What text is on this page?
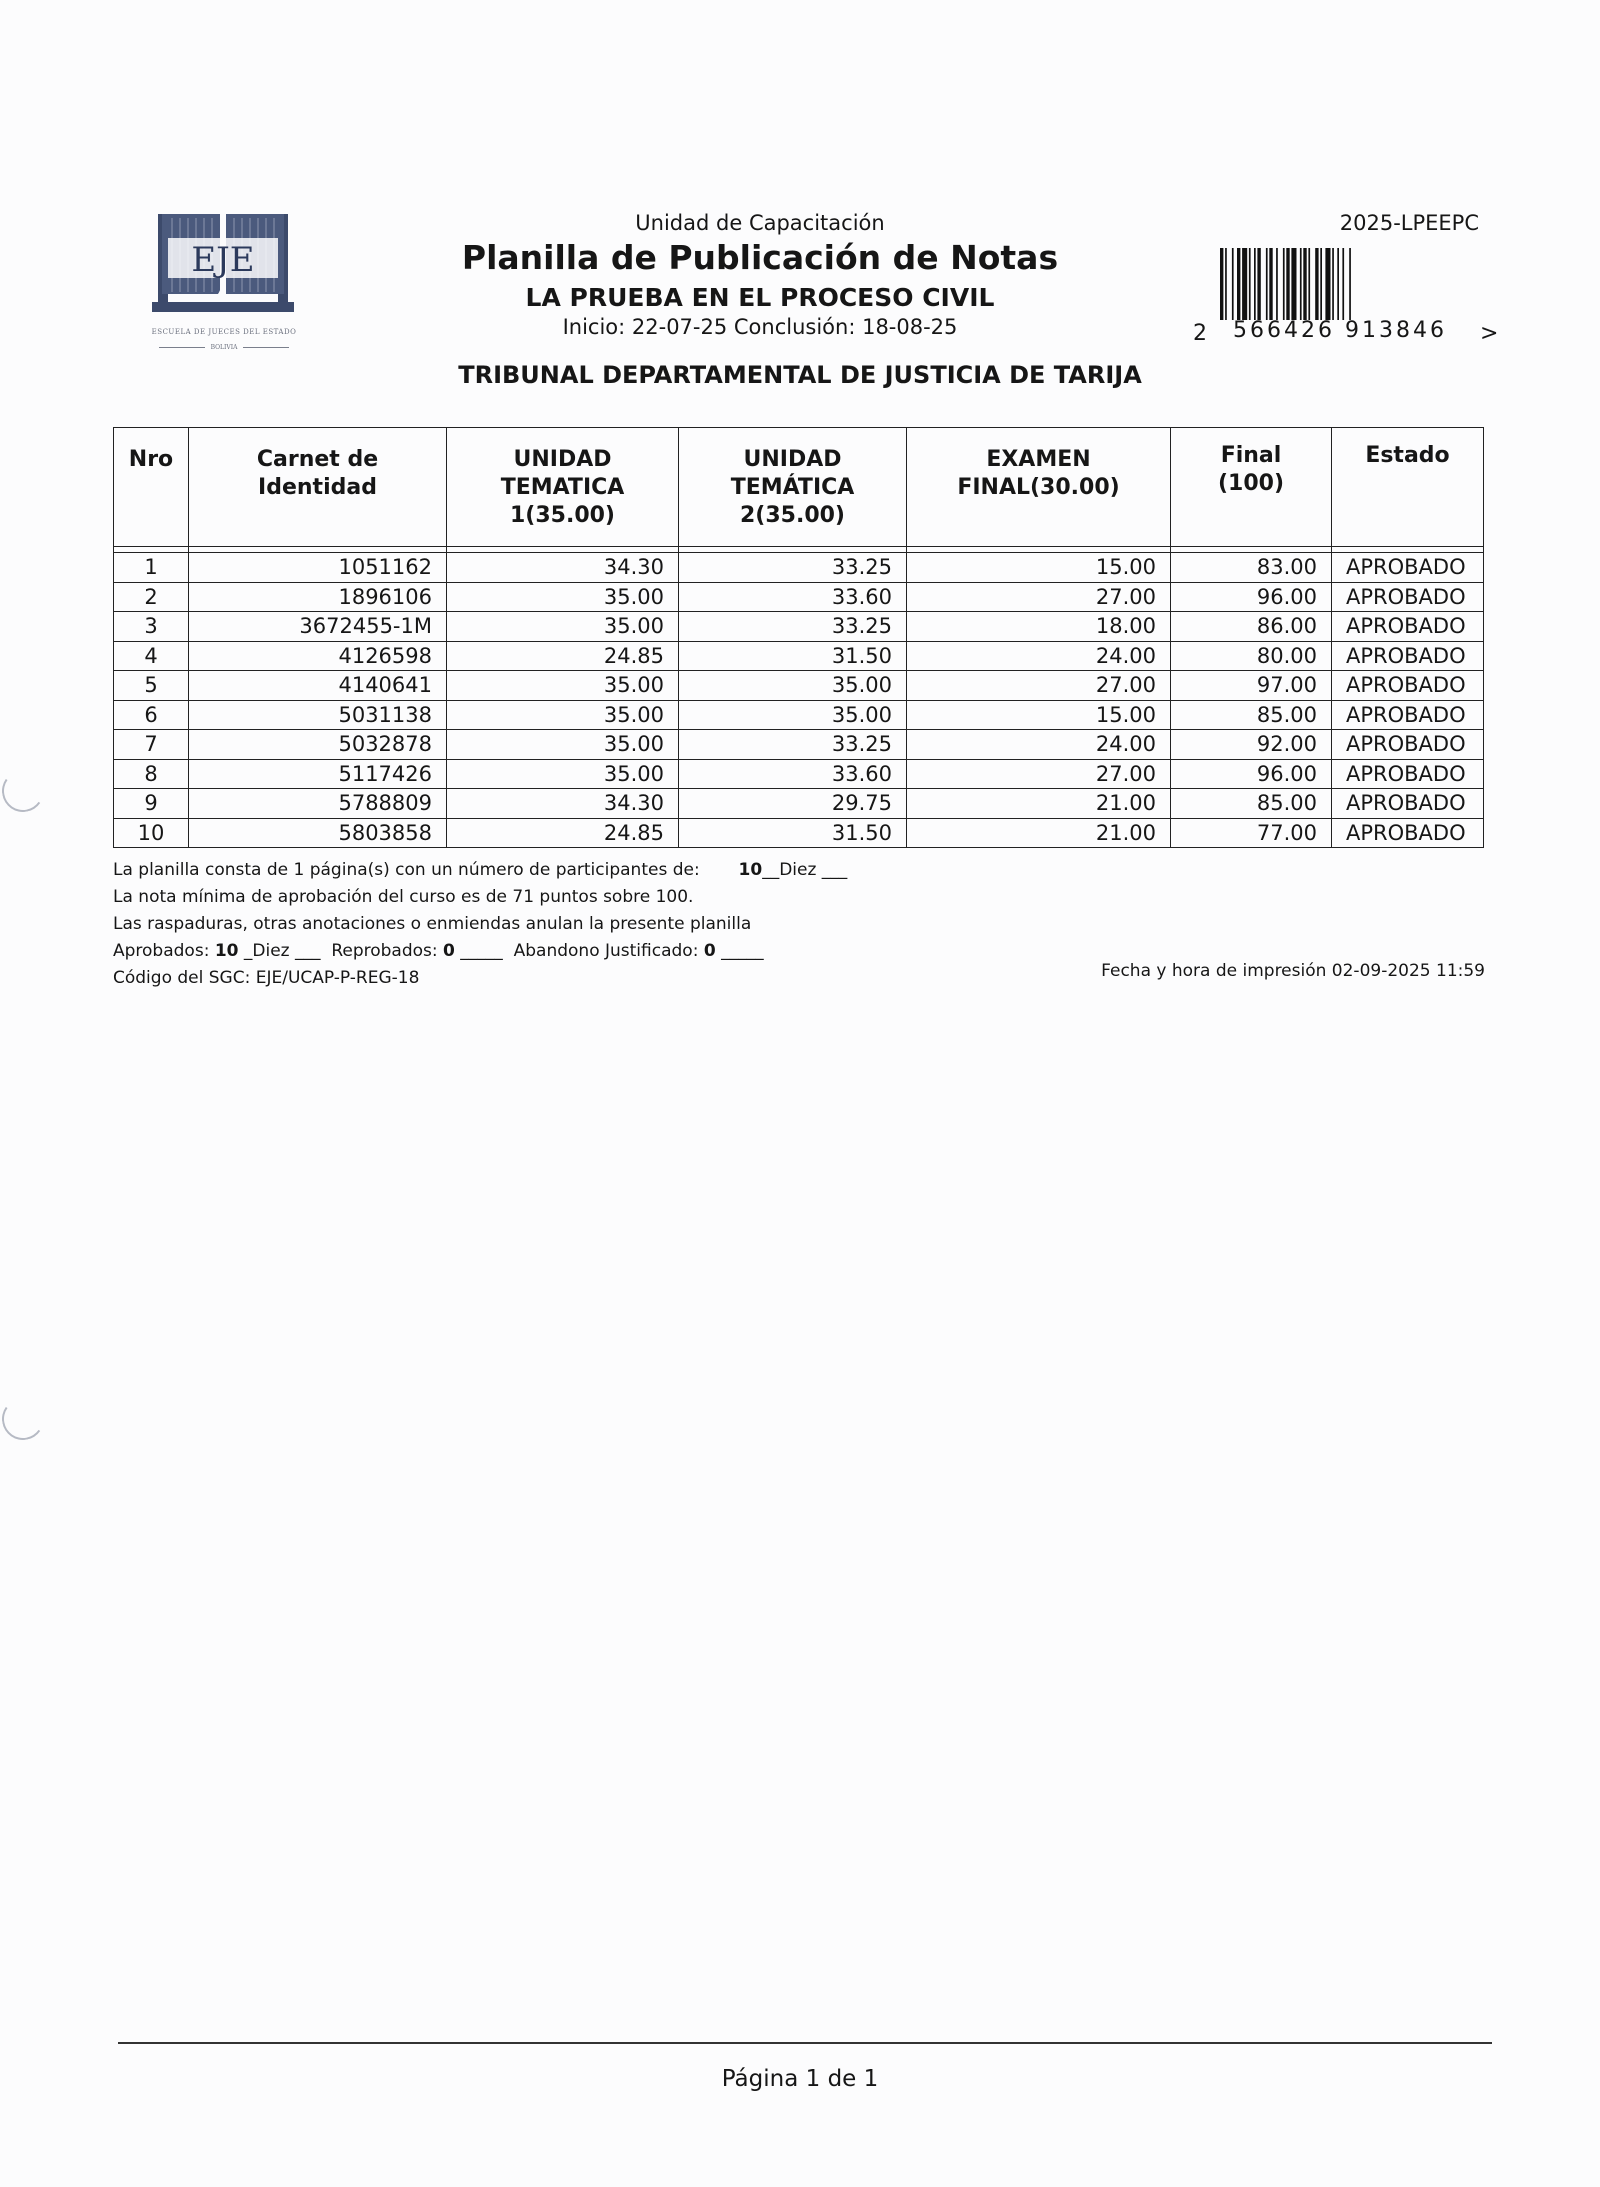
EJE
ESCUELA DE JUECES DEL ESTADO
BOLIVIA
Unidad de Capacitación
Planilla de Publicación de Notas
LA PRUEBA EN EL PROCESO CIVIL
Inicio: 22-07-25 Conclusión: 18-08-25
TRIBUNAL DEPARTAMENTAL DE JUSTICIA DE TARIJA
2025-LPEEPC
2 566426 913846 >
Nro	Carnet de Identidad	UNIDAD TEMATICA 1(35.00)	UNIDAD TEMÁTICA 2(35.00)	EXAMEN FINAL(30.00)	Final (100)	Estado

1	1051162	34.30	33.25	15.00	83.00	APROBADO
2	1896106	35.00	33.60	27.00	96.00	APROBADO
3	3672455-1M	35.00	33.25	18.00	86.00	APROBADO
4	4126598	24.85	31.50	24.00	80.00	APROBADO
5	4140641	35.00	35.00	27.00	97.00	APROBADO
6	5031138	35.00	35.00	15.00	85.00	APROBADO
7	5032878	35.00	33.25	24.00	92.00	APROBADO
8	5117426	35.00	33.60	27.00	96.00	APROBADO
9	5788809	34.30	29.75	21.00	85.00	APROBADO
10	5803858	24.85	31.50	21.00	77.00	APROBADO
La planilla consta de 1 página(s) con un número de participantes de: 10__Diez ___
La nota mínima de aprobación del curso es de 71 puntos sobre 100.
Las raspaduras, otras anotaciones o enmiendas anulan la presente planilla
Aprobados: 10 _Diez ___  Reprobados: 0 _____  Abandono Justificado: 0 _____
Código del SGC: EJE/UCAP-P-REG-18	Fecha y hora de impresión 02-09-2025 11:59
Página 1 de 1
